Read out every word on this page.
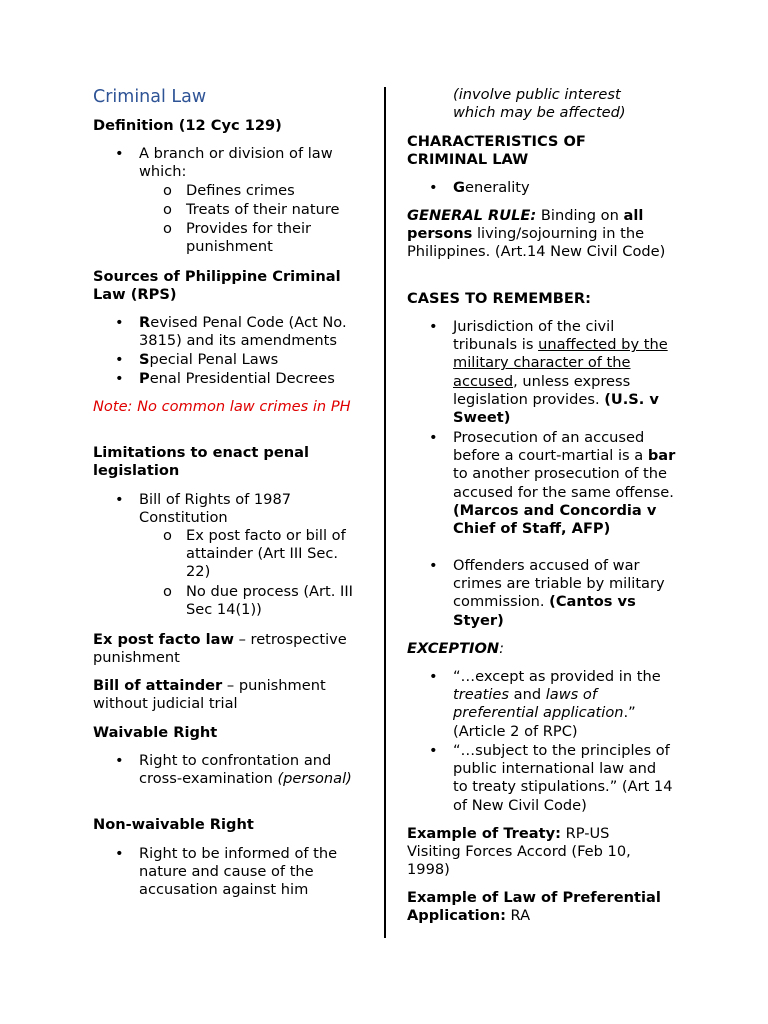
Criminal Law

Definition (12 Cyc 129)

• A branch or division of law which:
o Defines crimes
o Treats of their nature
o Provides for their punishment

Sources of Philippine Criminal Law (RPS)

• Revised Penal Code (Act No. 3815) and its amendments
• Special Penal Laws
• Penal Presidential Decrees

Note: No common law crimes in PH

Limitations to enact penal legislation

• Bill of Rights of 1987 Constitution
o Ex post facto or bill of attainder (Art III Sec. 22)
o No due process (Art. III Sec 14(1))

Ex post facto law – retrospective punishment

Bill of attainder – punishment without judicial trial

Waivable Right

• Right to confrontation and cross-examination (personal)

Non-waivable Right

• Right to be informed of the nature and cause of the accusation against him

(involve public interest which may be affected)

CHARACTERISTICS OF CRIMINAL LAW

• Generality

GENERAL RULE: Binding on all persons living/sojourning in the Philippines. (Art.14 New Civil Code)

CASES TO REMEMBER:

• Jurisdiction of the civil tribunals is unaffected by the military character of the accused, unless express legislation provides. (U.S. v Sweet)
• Prosecution of an accused before a court-martial is a bar to another prosecution of the accused for the same offense. (Marcos and Concordia v Chief of Staff, AFP)
• Offenders accused of war crimes are triable by military commission. (Cantos vs Styer)

EXCEPTION:

• “…except as provided in the treaties and laws of preferential application.” (Article 2 of RPC)
• “…subject to the principles of public international law and to treaty stipulations.” (Art 14 of New Civil Code)

Example of Treaty: RP-US Visiting Forces Accord (Feb 10, 1998)

Example of Law of Preferential Application: RA
